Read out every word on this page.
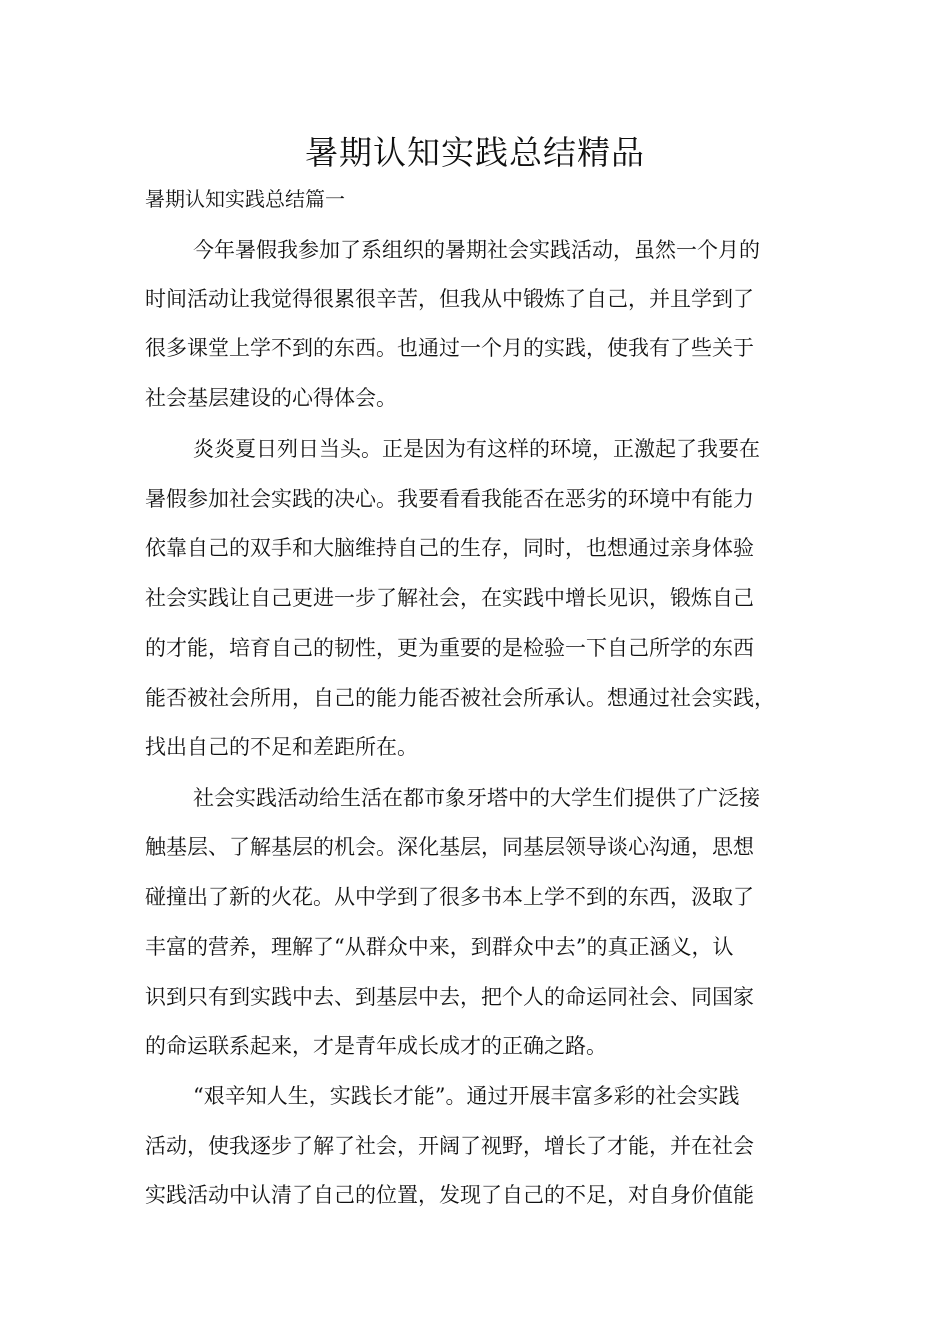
暑期认知实践总结精品

暑期认知实践总结篇一

今年暑假我参加了系组织的暑期社会实践活动，虽然一个月的

时间活动让我觉得很累很辛苦，但我从中锻炼了自己，并且学到了

很多课堂上学不到的东西。也通过一个月的实践，使我有了些关于

社会基层建设的心得体会。

炎炎夏日列日当头。正是因为有这样的环境，正激起了我要在

暑假参加社会实践的决心。我要看看我能否在恶劣的环境中有能力

依靠自己的双手和大脑维持自己的生存，同时，也想通过亲身体验

社会实践让自己更进一步了解社会，在实践中增长见识，锻炼自己

的才能，培育自己的韧性，更为重要的是检验一下自己所学的东西

能否被社会所用，自己的能力能否被社会所承认。想通过社会实践，

找出自己的不足和差距所在。

社会实践活动给生活在都市象牙塔中的大学生们提供了广泛接

触基层、了解基层的机会。深化基层，同基层领导谈心沟通，思想

碰撞出了新的火花。从中学到了很多书本上学不到的东西，汲取了

丰富的营养，理解了“从群众中来，到群众中去”的真正涵义，认

识到只有到实践中去、到基层中去，把个人的命运同社会、同国家

的命运联系起来，才是青年成长成才的正确之路。

“艰辛知人生，实践长才能”。通过开展丰富多彩的社会实践

活动，使我逐步了解了社会，开阔了视野，增长了才能，并在社会

实践活动中认清了自己的位置，发现了自己的不足，对自身价值能
